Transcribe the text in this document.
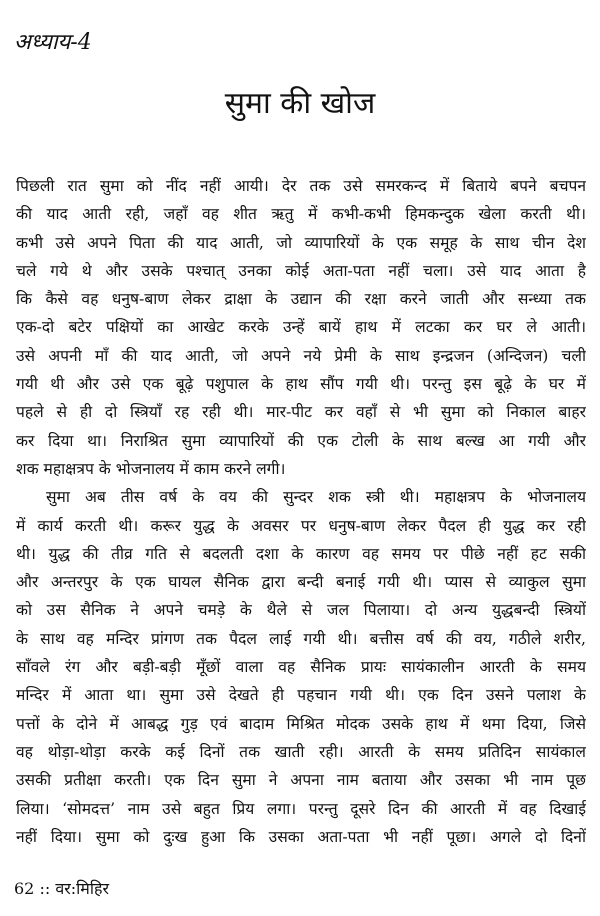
अध्याय-4
सुमा की खोज
पिछली रात सुमा को नींद नहीं आयी। देर तक उसे समरकन्द में बिताये बपने बचपन
की याद आती रही, जहाँ वह शीत ऋतु में कभी-कभी हिमकन्दुक खेला करती थी।
कभी उसे अपने पिता की याद आती, जो व्यापारियों के एक समूह के साथ चीन देश
चले गये थे और उसके पश्चात् उनका कोई अता-पता नहीं चला। उसे याद आता है
कि कैसे वह धनुष-बाण लेकर द्राक्षा के उद्यान की रक्षा करने जाती और सन्ध्या तक
एक-दो बटेर पक्षियों का आखेट करके उन्हें बायें हाथ में लटका कर घर ले आती।
उसे अपनी माँ की याद आती, जो अपने नये प्रेमी के साथ इन्द्रजन (अन्दिजन) चली
गयी थी और उसे एक बूढ़े पशुपाल के हाथ सौंप गयी थी। परन्तु इस बूढ़े के घर में
पहले से ही दो स्त्रियाँ रह रही थी। मार-पीट कर वहाँ से भी सुमा को निकाल बाहर
कर दिया था। निराश्रित सुमा व्यापारियों की एक टोली के साथ बल्ख आ गयी और
शक महाक्षत्रप के भोजनालय में काम करने लगी।
सुमा अब तीस वर्ष के वय की सुन्दर शक स्त्री थी। महाक्षत्रप के भोजनालय
में कार्य करती थी। करूर युद्ध के अवसर पर धनुष-बाण लेकर पैदल ही युद्ध कर रही
थी। युद्ध की तीव्र गति से बदलती दशा के कारण वह समय पर पीछे नहीं हट सकी
और अन्तरपुर के एक घायल सैनिक द्वारा बन्दी बनाई गयी थी। प्यास से व्याकुल सुमा
को उस सैनिक ने अपने चमड़े के थैले से जल पिलाया। दो अन्य युद्धबन्दी स्त्रियों
के साथ वह मन्दिर प्रांगण तक पैदल लाई गयी थी। बत्तीस वर्ष की वय, गठीले शरीर,
साँवले रंग और बड़ी-बड़ी मूँछों वाला वह सैनिक प्रायः सायंकालीन आरती के समय
मन्दिर में आता था। सुमा उसे देखते ही पहचान गयी थी। एक दिन उसने पलाश के
पत्तों के दोने में आबद्ध गुड़ एवं बादाम मिश्रित मोदक उसके हाथ में थमा दिया, जिसे
वह थोड़ा-थोड़ा करके कई दिनों तक खाती रही। आरती के समय प्रतिदिन सायंकाल
उसकी प्रतीक्षा करती। एक दिन सुमा ने अपना नाम बताया और उसका भी नाम पूछ
लिया। ‘सोमदत्त’ नाम उसे बहुत प्रिय लगा। परन्तु दूसरे दिन की आरती में वह दिखाई
नहीं दिया। सुमा को दुःख हुआ कि उसका अता-पता भी नहीं पूछा। अगले दो दिनों
62 :: वर:मिहिर
